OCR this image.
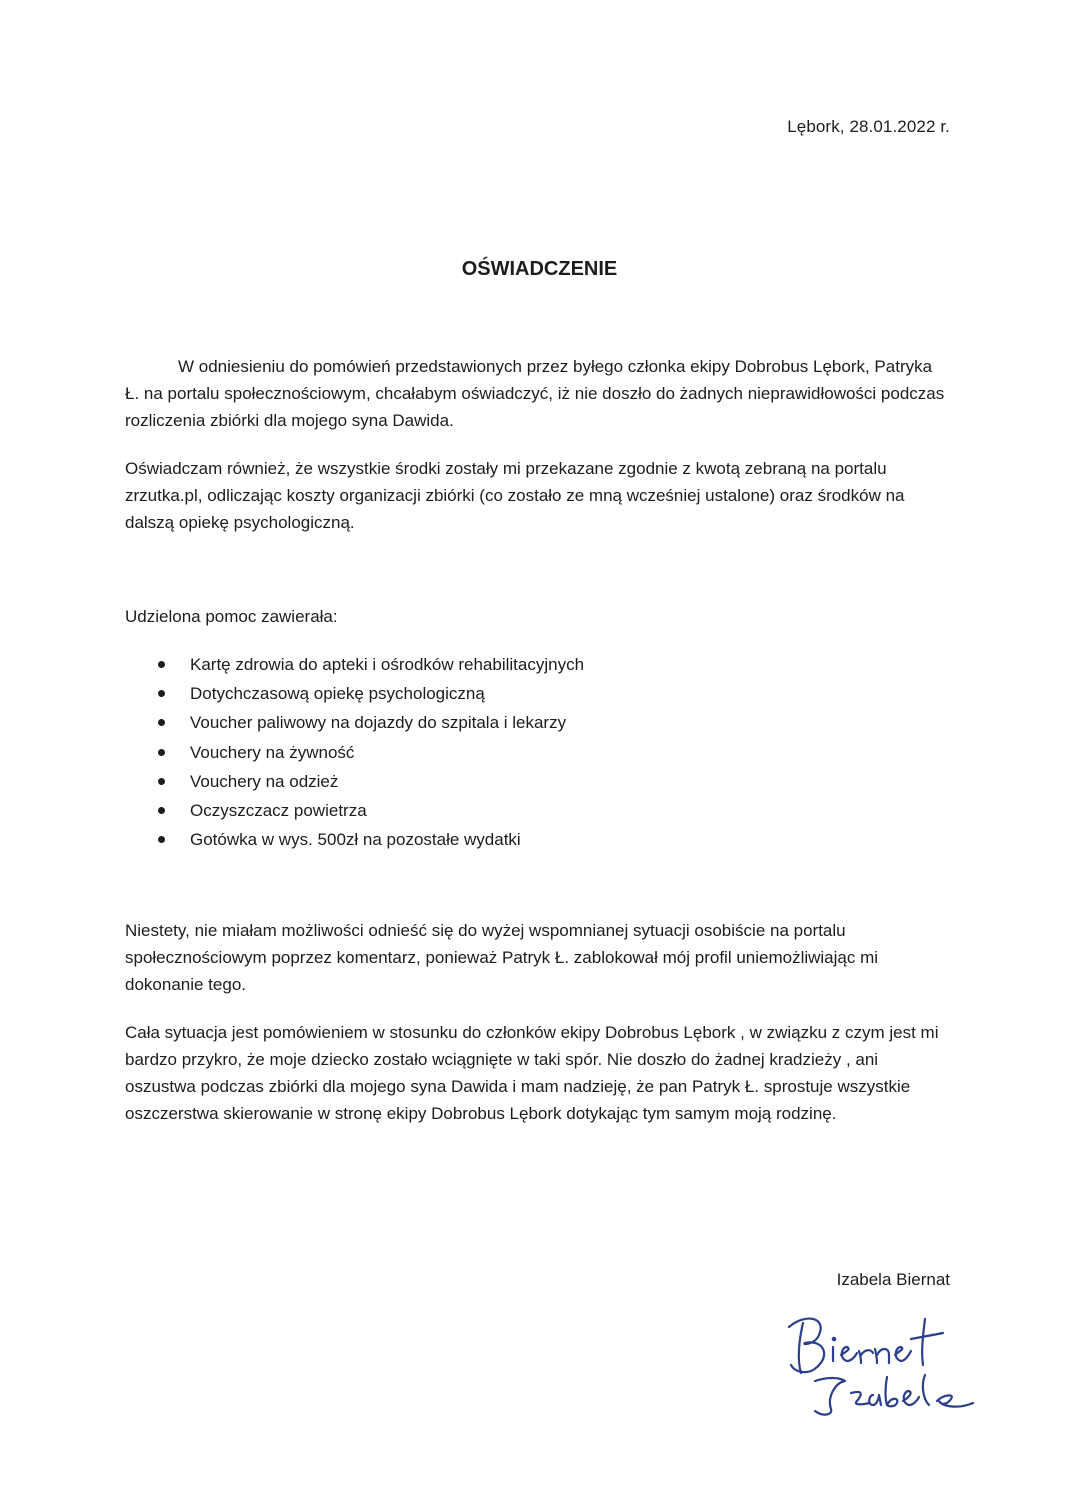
Lębork, 28.01.2022 r.
OŚWIADCZENIE
W odniesieniu do pomówień przedstawionych przez byłego członka ekipy Dobrobus Lębork, Patryka Ł. na portalu społecznościowym, chcałabym oświadczyć, iż nie doszło do żadnych nieprawidłowości podczas rozliczenia zbiórki dla mojego syna Dawida.
Oświadczam również, że wszystkie środki zostały mi przekazane zgodnie z kwotą zebraną na portalu zrzutka.pl, odliczając koszty organizacji zbiórki (co zostało ze mną wcześniej ustalone) oraz środków na dalszą opiekę psychologiczną.
Udzielona pomoc zawierała:
Kartę zdrowia do apteki i ośrodków rehabilitacyjnych
Dotychczasową opiekę psychologiczną
Voucher paliwowy na dojazdy do szpitala i lekarzy
Vouchery na żywność
Vouchery na odzież
Oczyszczacz powietrza
Gotówka w wys. 500zł na pozostałe wydatki
Niestety, nie miałam możliwości odnieść się do wyżej wspomnianej sytuacji osobiście na portalu społecznościowym poprzez komentarz, ponieważ Patryk Ł. zablokował mój profil uniemożliwiając mi dokonanie tego.
Cała sytuacja jest pomówieniem w stosunku do członków ekipy Dobrobus Lębork , w związku z czym jest mi bardzo przykro, że moje dziecko zostało wciągnięte w taki spór. Nie doszło do żadnej kradzieży , ani oszustwa podczas zbiórki dla mojego syna Dawida i mam nadzieję, że pan Patryk Ł. sprostuje wszystkie oszczerstwa skierowanie w stronę ekipy Dobrobus Lębork dotykając tym samym moją rodzinę.
Izabela Biernat
